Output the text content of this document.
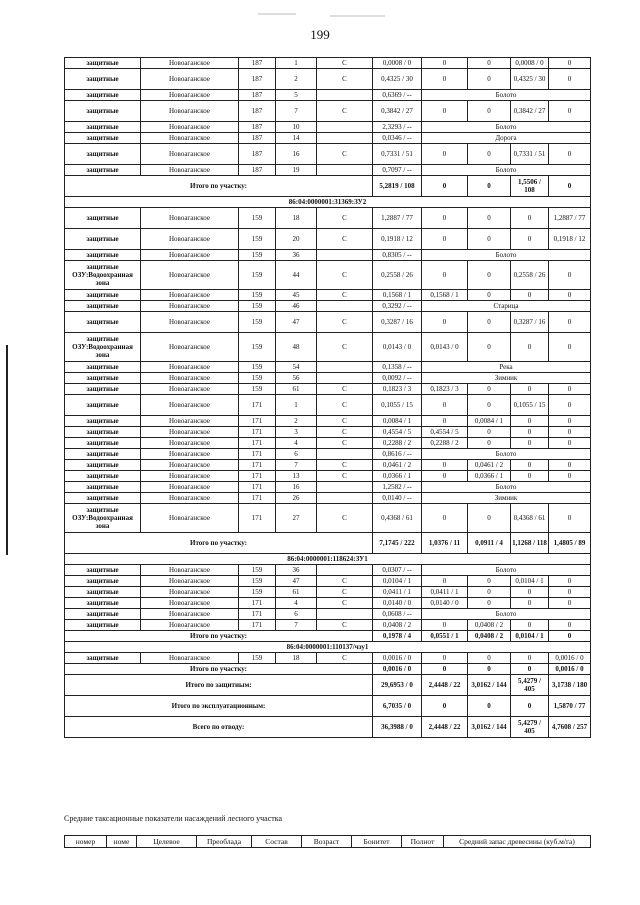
199
защитные	Новоаганское	187	1	С	0,0008 / 0	0	0	0,0008 / 0	0
защитные	Новоаганское	187	2	С	0,4325 / 30	0	0	0,4325 / 30	0
защитные	Новоаганское	187	5		0,6369 / --	Болото			
защитные	Новоаганское	187	7	С	0,3842 / 27	0	0	0,3842 / 27	0
защитные	Новоаганское	187	10		2,3293 / --	Болото			
защитные	Новоаганское	187	14		0,0346 / --	Дорога			
защитные	Новоаганское	187	16	С	0,7331 / 51	0	0	0,7331 / 51	0
защитные	Новоаганское	187	19		0,7097 / --	Болото			
Итого по участку:					5,2819 / 108	0	0	1,5506 / 108	0
86:04:0000001:31369:ЗУ2									
защитные	Новоаганское	159	18	С	1,2887 / 77	0	0	0	1,2887 / 77
защитные	Новоаганское	159	20	С	0,1918 / 12	0	0	0	0,1918 / 12
защитные	Новоаганское	159	36		0,8305 / --	Болото			
защитные ОЗУ:Водоохранная зона	Новоаганское	159	44	С	0,2558 / 26	0	0	0,2558 / 26	0
защитные	Новоаганское	159	45	С	0,1568 / 1	0,1568 / 1	0	0	0
защитные	Новоаганское	159	46		0,3292 / --	Старица			
защитные	Новоаганское	159	47	С	0,3287 / 16	0	0	0,3287 / 16	0
защитные ОЗУ:Водоохранная зона	Новоаганское	159	48	С	0,0143 / 0	0,0143 / 0	0	0	0
защитные	Новоаганское	159	54		0,1358 / --	Река			
защитные	Новоаганское	159	56		0,0092 / --	Зимник			
защитные	Новоаганское	159	61	С	0,1823 / 3	0,1823 / 3	0	0	0
защитные	Новоаганское	171	1	С	0,1055 / 15	0	0	0,1055 / 15	0
защитные	Новоаганское	171	2	С	0,0084 / 1	0	0,0084 / 1	0	0
защитные	Новоаганское	171	3	С	0,4554 / 5	0,4554 / 5	0	0	0
защитные	Новоаганское	171	4	С	0,2288 / 2	0,2288 / 2	0	0	0
защитные	Новоаганское	171	6		0,8616 / --	Болото			
защитные	Новоаганское	171	7	С	0,0461 / 2	0	0,0461 / 2	0	0
защитные	Новоаганское	171	13	С	0,0366 / 1	0	0,0366 / 1	0	0
защитные	Новоаганское	171	16		1,2582 / --	Болото			
защитные	Новоаганское	171	26		0,0140 / --	Зимник			
защитные ОЗУ:Водоохранная зона	Новоаганское	171	27	С	0,4368 / 61	0	0	0,4368 / 61	0
Итого по участку:					7,1745 / 222	1,0376 / 11	0,0911 / 4	1,1268 / 118	1,4805 / 89
86:04:0000001:118624:ЗУ1									
защитные	Новоаганское	159	36		0,0307 / --	Болото			
защитные	Новоаганское	159	47	С	0,0104 / 1	0	0	0,0104 / 1	0
защитные	Новоаганское	159	61	С	0,0411 / 1	0,0411 / 1	0	0	0
защитные	Новоаганское	171	4	С	0,0140 / 0	0,0140 / 0	0	0	0
защитные	Новоаганское	171	6		0,0608 / --	Болото			
защитные	Новоаганское	171	7	С	0,0408 / 2	0	0,0408 / 2	0	0
Итого по участку:					0,1978 / 4	0,0551 / 1	0,0408 / 2	0,0104 / 1	0
86:04:0000001:110137/чзу1									
защитные	Новоаганское	159	18	С	0,0016 / 0	0	0	0	0,0016 / 0
Итого по участку:					0,0016 / 0	0	0	0	0,0016 / 0
Итого по защитным:					29,6953 / 0	2,4448 / 22	3,0162 / 144	5,4279 / 405	3,1738 / 180
Итого по эксплуатационным:					6,7035 / 0	0	0	0	1,5870 / 77
Всего по отводу:					36,3988 / 0	2,4448 / 22	3,0162 / 144	5,4279 / 405	4,7608 / 257
Средние таксационные показатели насаждений лесного участка
номер	номе	Целевое	Преоблада	Состав	Возраст	Бонитет	Полнот	Средний запас древесины (куб.м/га)
